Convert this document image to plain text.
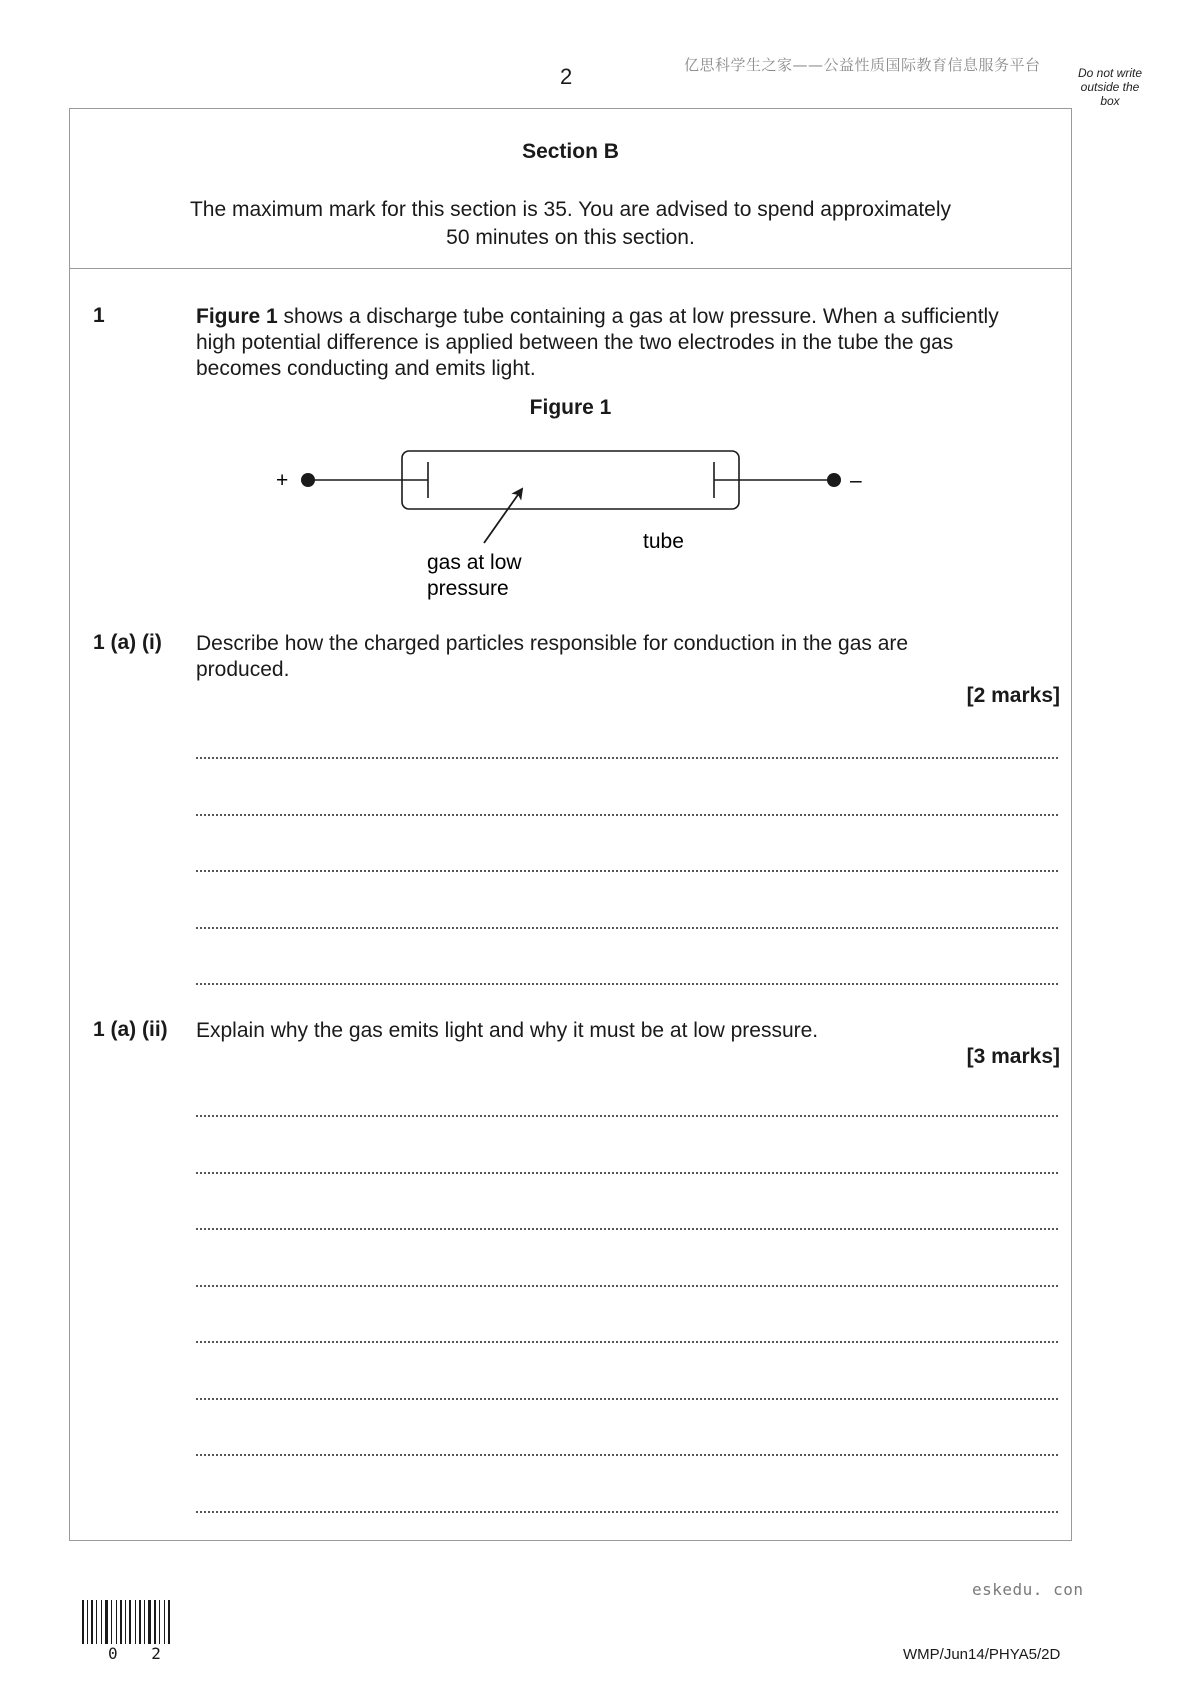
2	亿思科学生之家——公益性质国际教育信息服务平台	Do not write
outside the
box
Section B
The maximum mark for this section is 35. You are advised to spend approximately
50 minutes on this section.
1	Figure 1 shows a discharge tube containing a gas at low pressure. When a sufficiently
high potential difference is applied between the two electrodes in the tube the gas
becomes conducting and emits light.
Figure 1
+	–
tube
gas at low
pressure
1 (a) (i) Describe how the charged particles responsible for conduction in the gas are
produced.
[2 marks]
1 (a) (ii) Explain why the gas emits light and why it must be at low pressure.
[3 marks]
eskedu. con
0 2	WMP/Jun14/PHYA5/2D
